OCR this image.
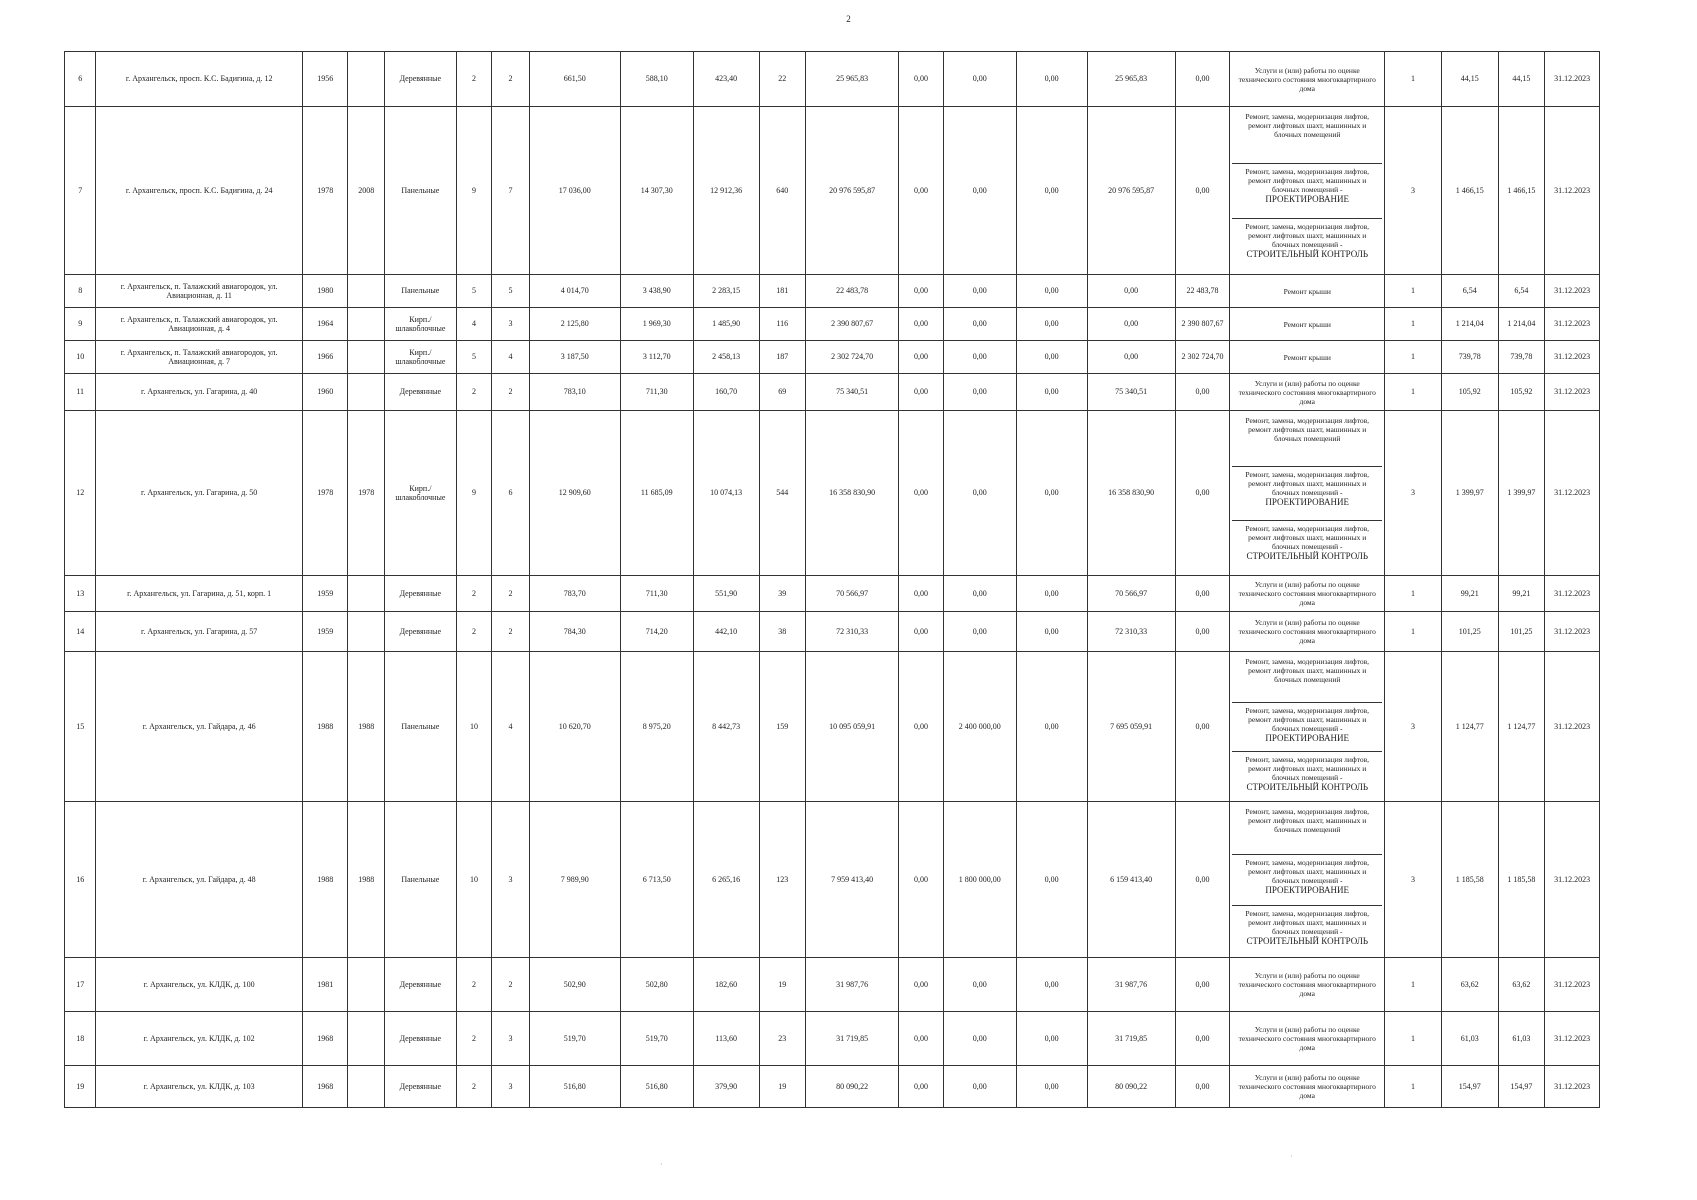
2
6	г. Архангельск, просп. К.С. Бадигина, д. 12	1956		Деревянные	2	2	661,50	588,10	423,40	22	25 965,83	0,00	0,00	0,00	25 965,83	0,00	Услуги и (или) работы по оценке технического состояния многоквартирного дома	1	44,15	44,15	31.12.2023
7	г. Архангельск, просп. К.С. Бадигина, д. 24	1978	2008	Панельные	9	7	17 036,00	14 307,30	12 912,36	640	20 976 595,87	0,00	0,00	0,00	20 976 595,87	0,00	Ремонт, замена, модернизация лифтов, ремонт лифтовых шахт, машинных и блочных помещений
Ремонт, замена, модернизация лифтов, ремонт лифтовых шахт, машинных и блочных помещений -
ПРОЕКТИРОВАНИЕ
Ремонт, замена, модернизация лифтов, ремонт лифтовых шахт, машинных и блочных помещений -
СТРОИТЕЛЬНЫЙ КОНТРОЛЬ	3	1 466,15	1 466,15	31.12.2023
8	г. Архангельск, п. Талажский авиагородок, ул. Авиационная, д. 11	1980		Панельные	5	5	4 014,70	3 438,90	2 283,15	181	22 483,78	0,00	0,00	0,00	0,00	22 483,78	Ремонт крыши	1	6,54	6,54	31.12.2023
9	г. Архангельск, п. Талажский авиагородок, ул. Авиационная, д. 4	1964		Кирп./ шлакоблочные	4	3	2 125,80	1 969,30	1 485,90	116	2 390 807,67	0,00	0,00	0,00	0,00	2 390 807,67	Ремонт крыши	1	1 214,04	1 214,04	31.12.2023
10	г. Архангельск, п. Талажский авиагородок, ул. Авиационная, д. 7	1966		Кирп./ шлакоблочные	5	4	3 187,50	3 112,70	2 458,13	187	2 302 724,70	0,00	0,00	0,00	0,00	2 302 724,70	Ремонт крыши	1	739,78	739,78	31.12.2023
11	г. Архангельск, ул. Гагарина, д. 40	1960		Деревянные	2	2	783,10	711,30	160,70	69	75 340,51	0,00	0,00	0,00	75 340,51	0,00	Услуги и (или) работы по оценке технического состояния многоквартирного дома	1	105,92	105,92	31.12.2023
12	г. Архангельск, ул. Гагарина, д. 50	1978	1978	Кирп./ шлакоблочные	9	6	12 909,60	11 685,09	10 074,13	544	16 358 830,90	0,00	0,00	0,00	16 358 830,90	0,00	Ремонт, замена, модернизация лифтов, ремонт лифтовых шахт, машинных и блочных помещений
Ремонт, замена, модернизация лифтов, ремонт лифтовых шахт, машинных и блочных помещений -
ПРОЕКТИРОВАНИЕ
Ремонт, замена, модернизация лифтов, ремонт лифтовых шахт, машинных и блочных помещений -
СТРОИТЕЛЬНЫЙ КОНТРОЛЬ	3	1 399,97	1 399,97	31.12.2023
13	г. Архангельск, ул. Гагарина, д. 51, корп. 1	1959		Деревянные	2	2	783,70	711,30	551,90	39	70 566,97	0,00	0,00	0,00	70 566,97	0,00	Услуги и (или) работы по оценке технического состояния многоквартирного дома	1	99,21	99,21	31.12.2023
14	г. Архангельск, ул. Гагарина, д. 57	1959		Деревянные	2	2	784,30	714,20	442,10	38	72 310,33	0,00	0,00	0,00	72 310,33	0,00	Услуги и (или) работы по оценке технического состояния многоквартирного дома	1	101,25	101,25	31.12.2023
15	г. Архангельск, ул. Гайдара, д. 46	1988	1988	Панельные	10	4	10 620,70	8 975,20	8 442,73	159	10 095 059,91	0,00	2 400 000,00	0,00	7 695 059,91	0,00	Ремонт, замена, модернизация лифтов, ремонт лифтовых шахт, машинных и блочных помещений
Ремонт, замена, модернизация лифтов, ремонт лифтовых шахт, машинных и блочных помещений -
ПРОЕКТИРОВАНИЕ
Ремонт, замена, модернизация лифтов, ремонт лифтовых шахт, машинных и блочных помещений -
СТРОИТЕЛЬНЫЙ КОНТРОЛЬ	3	1 124,77	1 124,77	31.12.2023
16	г. Архангельск, ул. Гайдара, д. 48	1988	1988	Панельные	10	3	7 989,90	6 713,50	6 265,16	123	7 959 413,40	0,00	1 800 000,00	0,00	6 159 413,40	0,00	Ремонт, замена, модернизация лифтов, ремонт лифтовых шахт, машинных и блочных помещений
Ремонт, замена, модернизация лифтов, ремонт лифтовых шахт, машинных и блочных помещений -
ПРОЕКТИРОВАНИЕ
Ремонт, замена, модернизация лифтов, ремонт лифтовых шахт, машинных и блочных помещений -
СТРОИТЕЛЬНЫЙ КОНТРОЛЬ	3	1 185,58	1 185,58	31.12.2023
17	г. Архангельск, ул. КЛДК, д. 100	1981		Деревянные	2	2	502,90	502,80	182,60	19	31 987,76	0,00	0,00	0,00	31 987,76	0,00	Услуги и (или) работы по оценке технического состояния многоквартирного дома	1	63,62	63,62	31.12.2023
18	г. Архангельск, ул. КЛДК, д. 102	1968		Деревянные	2	3	519,70	519,70	113,60	23	31 719,85	0,00	0,00	0,00	31 719,85	0,00	Услуги и (или) работы по оценке технического состояния многоквартирного дома	1	61,03	61,03	31.12.2023
19	г. Архангельск, ул. КЛДК, д. 103	1968		Деревянные	2	3	516,80	516,80	379,90	19	80 090,22	0,00	0,00	0,00	80 090,22	0,00	Услуги и (или) работы по оценке технического состояния многоквартирного дома	1	154,97	154,97	31.12.2023
·
·
